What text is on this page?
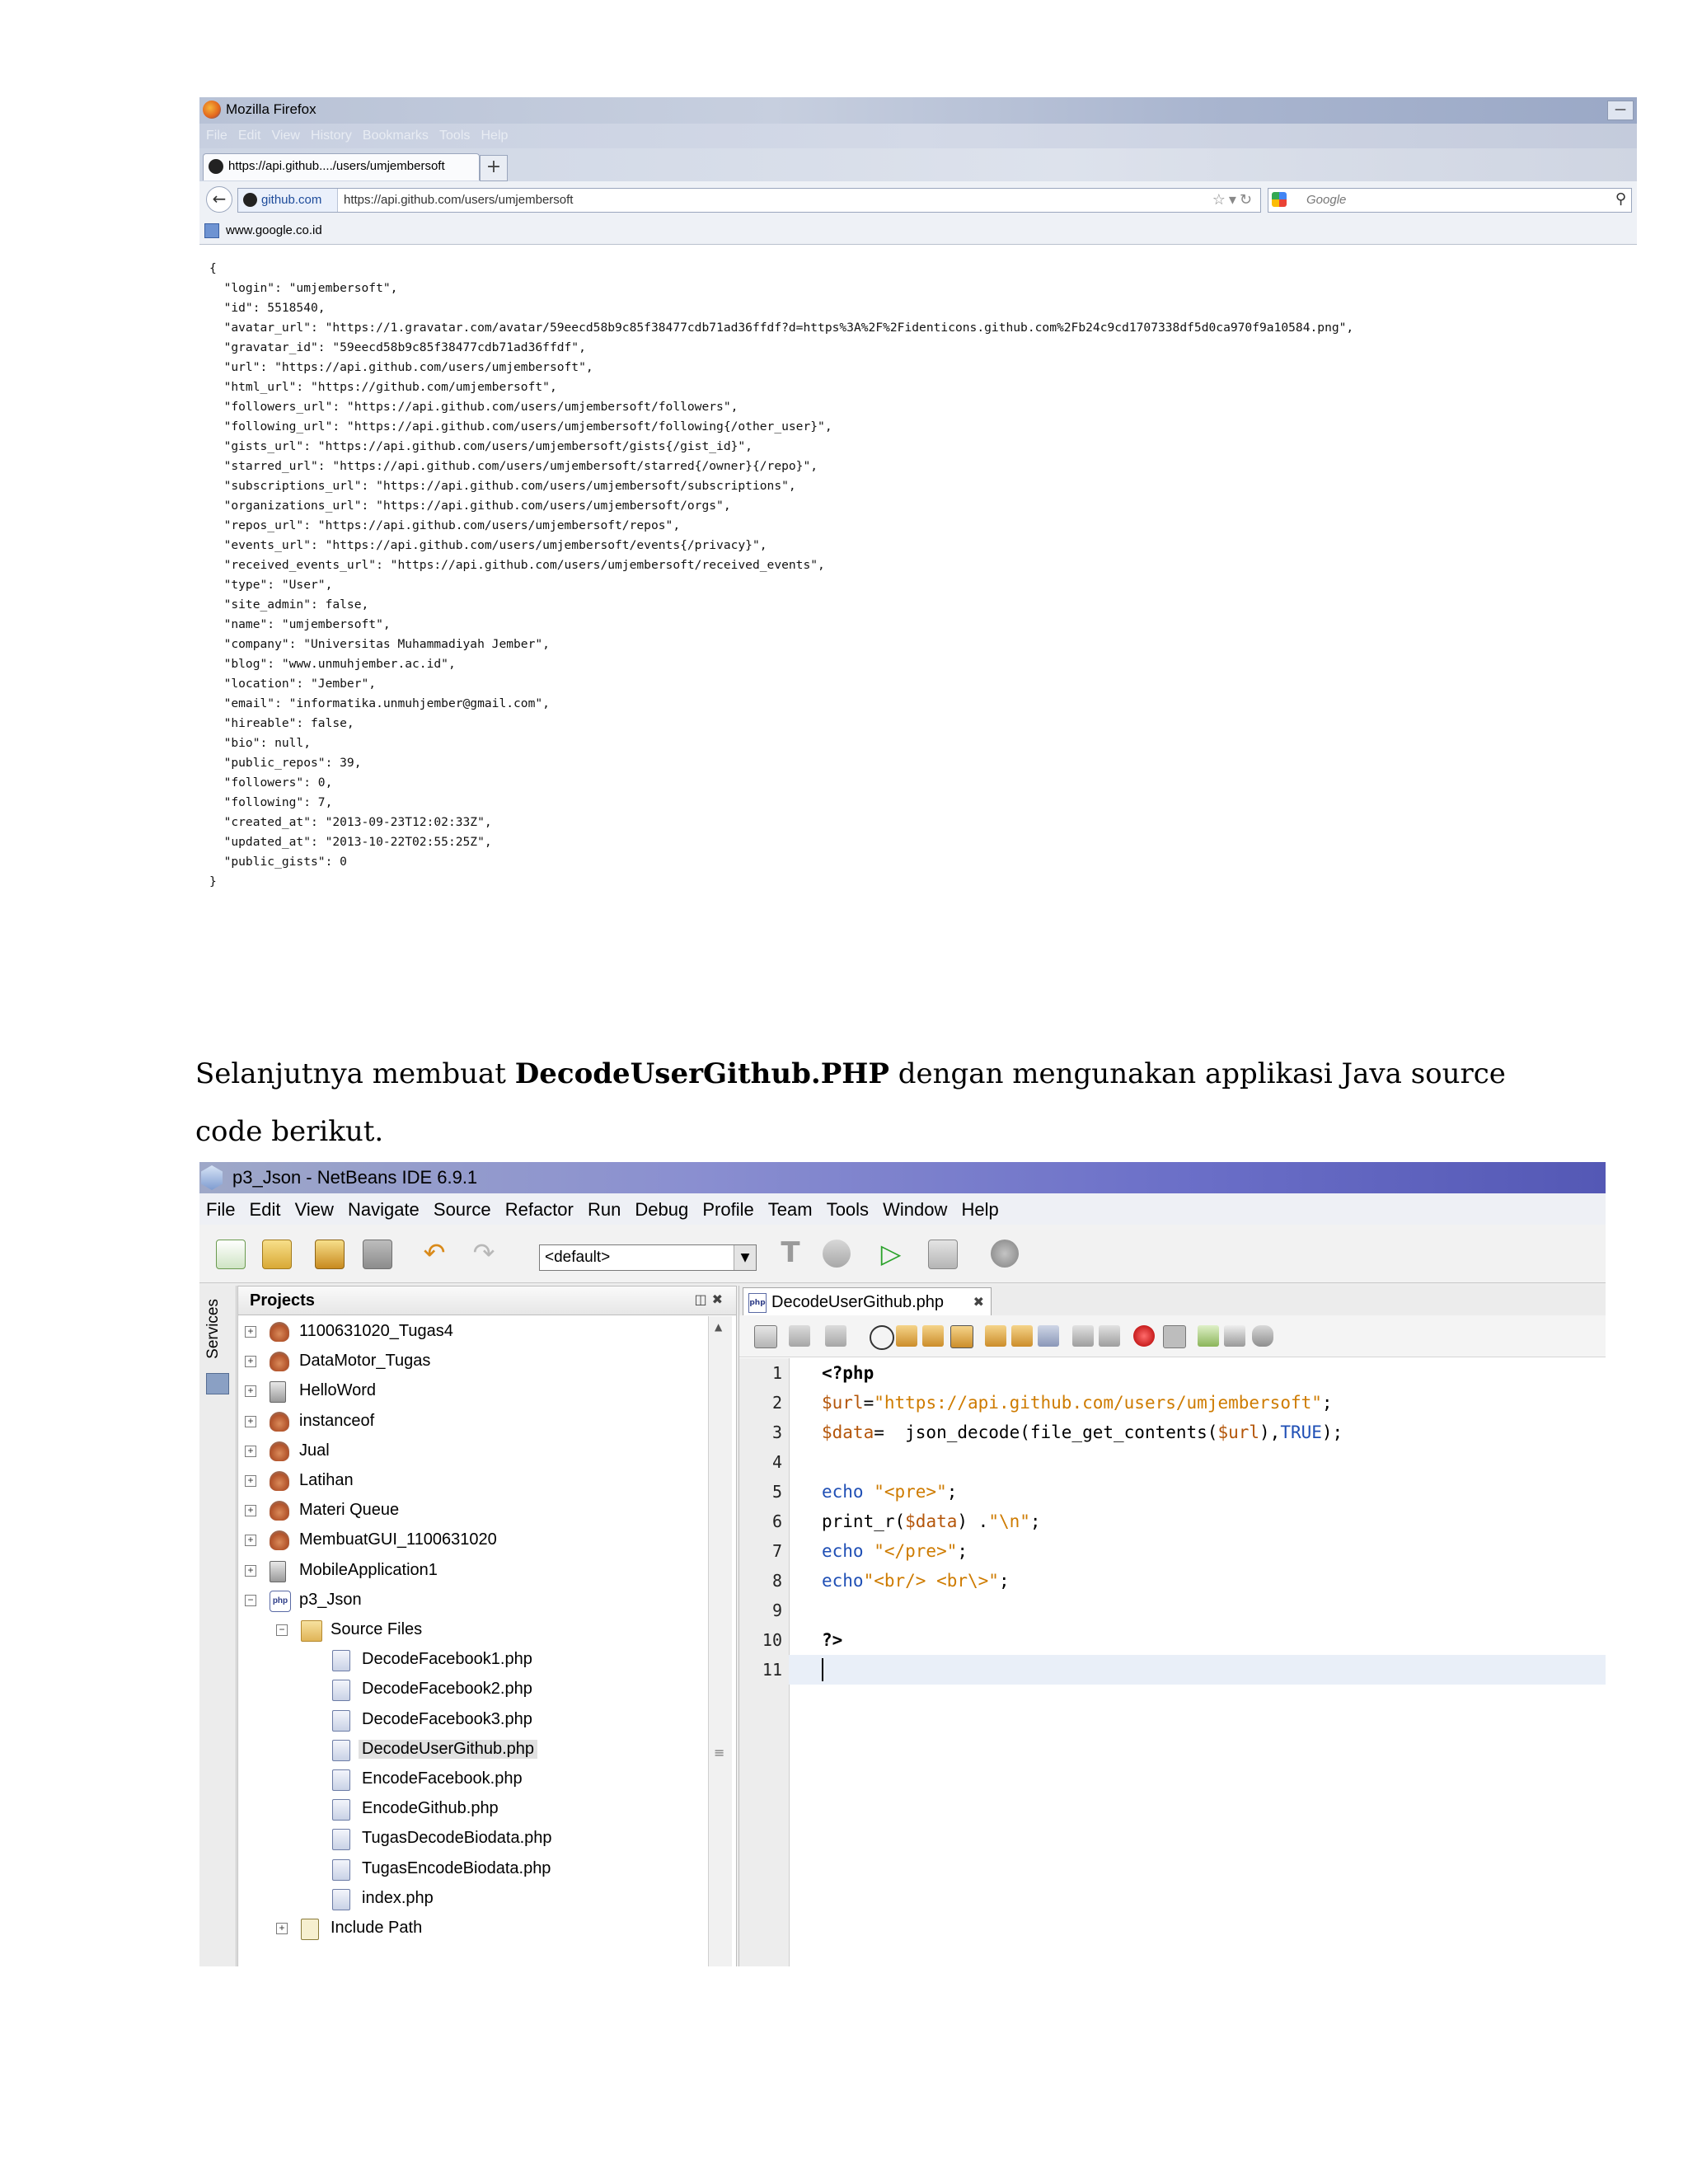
Mozilla Firefox	—
File Edit View History Bookmarks Tools Help
https://api.github..../users/umjembersoft	+
←	github.com https://api.github.com/users/umjembersoft	☆▾↻	Google	⚲
www.google.co.id
{
"login": "umjembersoft",
"id": 5518540,
"avatar_url": "https://1.gravatar.com/avatar/59eecd58b9c85f38477cdb71ad36ffdf?d=https%3A%2F%2Fidenticons.github.com%2Fb24c9cd1707338df5d0ca970f9a10584.png",
"gravatar_id": "59eecd58b9c85f38477cdb71ad36ffdf",
"url": "https://api.github.com/users/umjembersoft",
"html_url": "https://github.com/umjembersoft",
"followers_url": "https://api.github.com/users/umjembersoft/followers",
"following_url": "https://api.github.com/users/umjembersoft/following{/other_user}",
"gists_url": "https://api.github.com/users/umjembersoft/gists{/gist_id}",
"starred_url": "https://api.github.com/users/umjembersoft/starred{/owner}{/repo}",
"subscriptions_url": "https://api.github.com/users/umjembersoft/subscriptions",
"organizations_url": "https://api.github.com/users/umjembersoft/orgs",
"repos_url": "https://api.github.com/users/umjembersoft/repos",
"events_url": "https://api.github.com/users/umjembersoft/events{/privacy}",
"received_events_url": "https://api.github.com/users/umjembersoft/received_events",
"type": "User",
"site_admin": false,
"name": "umjembersoft",
"company": "Universitas Muhammadiyah Jember",
"blog": "www.unmuhjember.ac.id",
"location": "Jember",
"email": "informatika.unmuhjember@gmail.com",
"hireable": false,
"bio": null,
"public_repos": 39,
"followers": 0,
"following": 7,
"created_at": "2013-09-23T12:02:33Z",
"updated_at": "2013-10-22T02:55:25Z",
"public_gists": 0
}

Selanjutnya membuat DecodeUserGithub.PHP dengan mengunakan applikasi Java source code berikut.
p3_Json - NetBeans IDE 6.9.1
File Edit View Navigate Source Refactor Run Debug Profile Team Tools Window Help
↶ ↷	<default>	▼ T	▷
Services Projects	◫✖
+	1100631020_Tugas4
+	DataMotor_Tugas
+	HelloWord
+	instanceof
+	Jual
+	Latihan
+	Materi Queue
+	MembuatGUI_1100631020
+	MobileApplication1
−	php p3_Json
−	Source Files
DecodeFacebook1.php
DecodeFacebook2.php
DecodeFacebook3.php
DecodeUserGithub.php
EncodeFacebook.php
EncodeGithub.php
TugasDecodeBiodata.php
TugasEncodeBiodata.php
index.php
+	Include Path
▲
≡
php DecodeUserGithub.php ✖
1
2
3
4
5
6
7
8
9
10
11
<?php
$url="https://api.github.com/users/umjembersoft";
$data=  json_decode(file_get_contents($url),TRUE);
echo "<pre>";
print_r($data) ."\n";
echo "</pre>";
echo"<br/> <br\>";
?>
